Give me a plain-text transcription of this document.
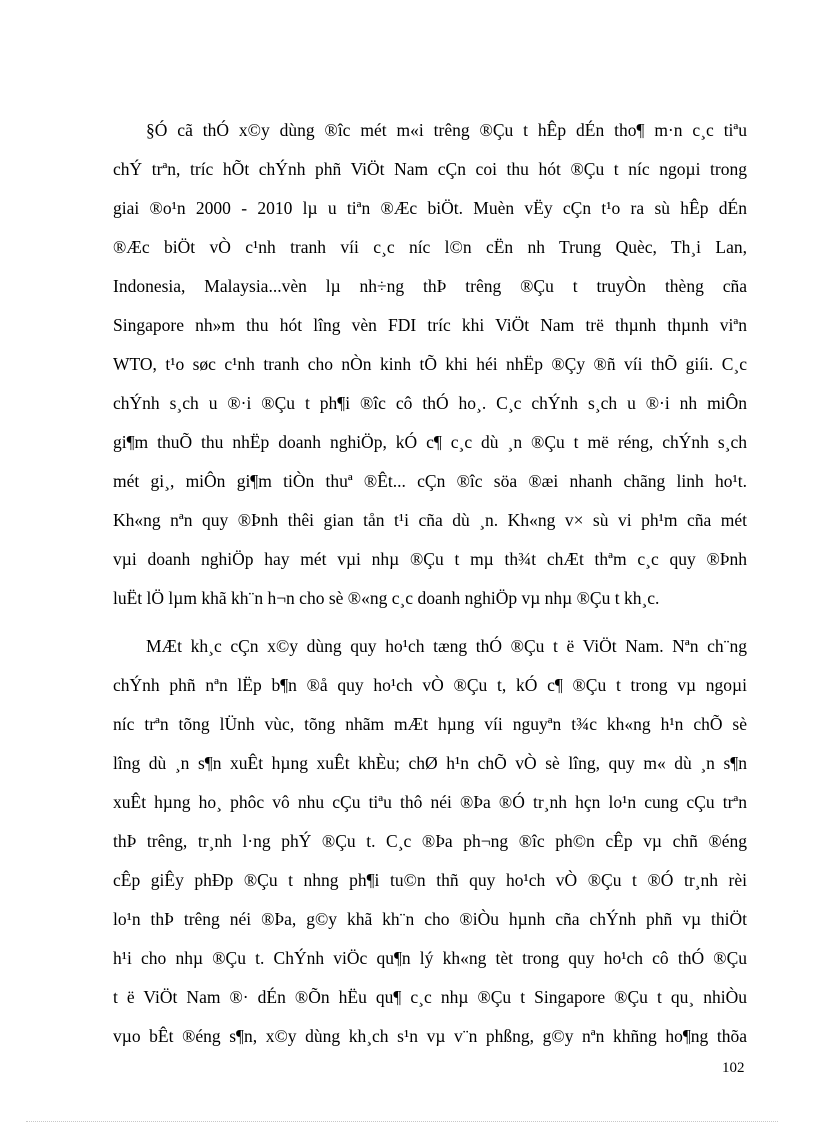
§Ó cã thÓ x©y dùng ®îc mét m«i trêng ®Çu t hÊp dÉn tho¶ m·n c¸c tiªu
chÝ trªn, tríc hÕt chÝnh phñ ViÖt Nam cÇn coi thu hót ®Çu t níc ngoµi trong
giai ®o¹n 2000 - 2010 lµ u tiªn ®Æc biÖt. Muèn vËy cÇn t¹o ra sù hÊp dÉn
®Æc biÖt vÒ c¹nh tranh víi c¸c níc l©n cËn nh Trung Quèc, Th¸i Lan,
Indonesia, Malaysia...vèn lµ nh÷ng thÞ trêng ®Çu t truyÒn thèng cña
Singapore nh»m thu hót lîng vèn FDI tríc khi ViÖt Nam trë thµnh thµnh viªn
WTO, t¹o søc c¹nh tranh cho nÒn kinh tÕ khi héi nhËp ®Çy ®ñ víi thÕ giíi. C¸c
chÝnh s¸ch u ®·i ®Çu t ph¶i ®îc cô thÓ ho¸. C¸c chÝnh s¸ch u ®·i nh miÔn
gi¶m thuÕ thu nhËp doanh nghiÖp, kÓ c¶ c¸c dù ¸n ®Çu t më réng, chÝnh s¸ch
mét gi¸, miÔn gi¶m tiÒn thuª ®Êt... cÇn ®îc söa ®æi nhanh chãng linh ho¹t.
Kh«ng nªn quy ®Þnh thêi gian tån t¹i cña dù ¸n. Kh«ng v× sù vi ph¹m cña mét
vµi doanh nghiÖp hay mét vµi nhµ ®Çu t mµ th¾t chÆt thªm c¸c quy ®Þnh
luËt lÖ lµm khã kh¨n h¬n cho sè ®«ng c¸c doanh nghiÖp vµ nhµ ®Çu t kh¸c.
MÆt kh¸c cÇn x©y dùng quy ho¹ch tæng thÓ ®Çu t ë ViÖt Nam. Nªn ch¨ng
chÝnh phñ nªn lËp b¶n ®å quy ho¹ch vÒ ®Çu t, kÓ c¶ ®Çu t trong vµ ngoµi
níc trªn tõng lÜnh vùc, tõng nhãm mÆt hµng víi nguyªn t¾c kh«ng h¹n chÕ sè
lîng dù ¸n s¶n xuÊt hµng xuÊt khÈu; chØ h¹n chÕ vÒ sè lîng, quy m« dù ¸n s¶n
xuÊt hµng ho¸ phôc vô nhu cÇu tiªu thô néi ®Þa ®Ó tr¸nh hçn lo¹n cung cÇu trªn
thÞ trêng, tr¸nh l·ng phÝ ®Çu t. C¸c ®Þa ph¬ng ®îc ph©n cÊp vµ chñ ®éng
cÊp giÊy phÐp ®Çu t nhng ph¶i tu©n thñ quy ho¹ch vÒ ®Çu t ®Ó tr¸nh rèi
lo¹n thÞ trêng néi ®Þa, g©y khã kh¨n cho ®iÒu hµnh cña chÝnh phñ vµ thiÖt
h¹i cho nhµ ®Çu t. ChÝnh viÖc qu¶n lý kh«ng tèt trong quy ho¹ch cô thÓ ®Çu
t ë ViÖt Nam ®· dÉn ®Õn hËu qu¶ c¸c nhµ ®Çu t Singapore ®Çu t qu¸ nhiÒu
vµo bÊt ®éng s¶n, x©y dùng kh¸ch s¹n vµ v¨n phßng, g©y nªn khñng ho¶ng thõa
102
